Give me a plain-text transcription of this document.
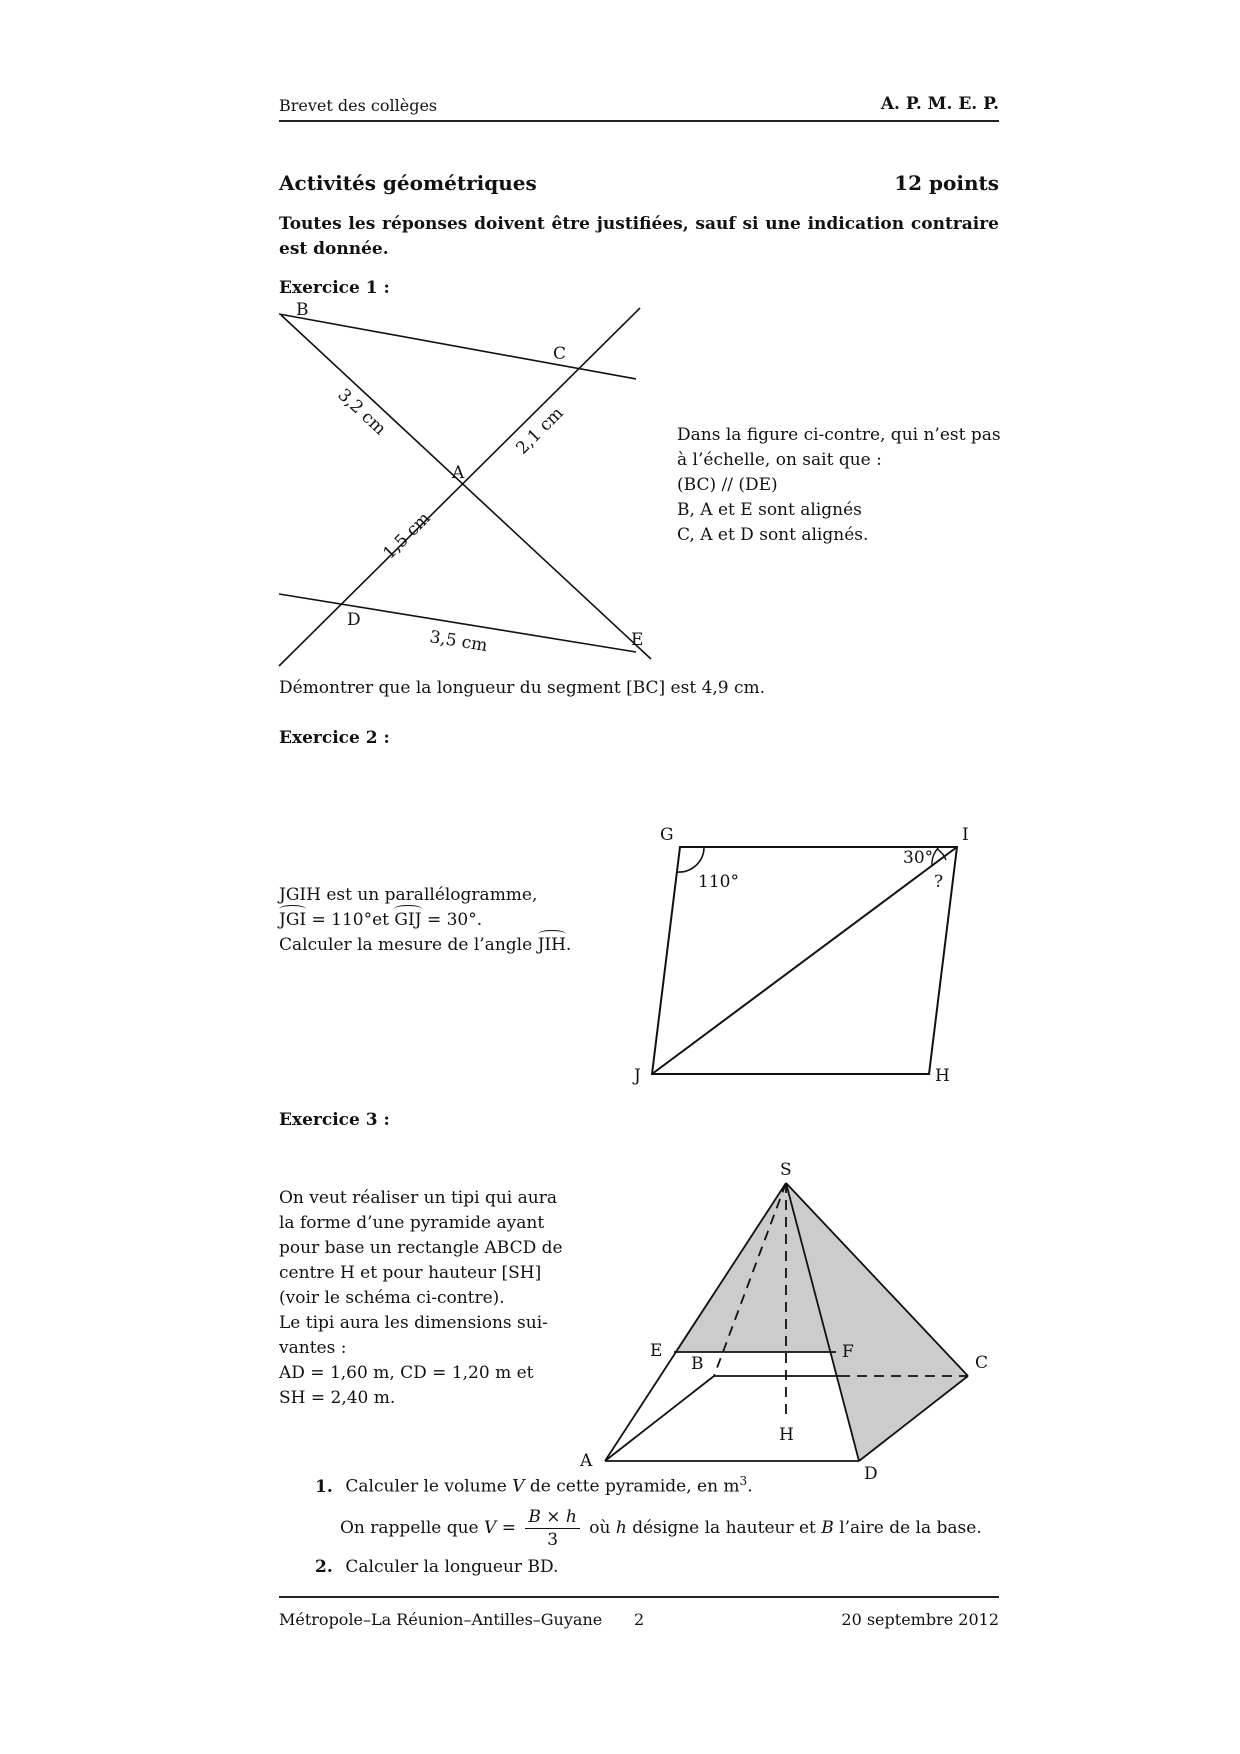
Brevet des collèges	A. P. M. E. P.
Activités géométriques	12 points
Toutes les réponses doivent être justifiées, sauf si une indication contraire est donnée.
Exercice 1 :
B
C
A
D
E
3,2 cm	2,1 cm
1,5 cm
3,5 cm
Dans la figure ci-contre, qui n’est pas
à l’échelle, on sait que :
(BC) // (DE)
B, A et E sont alignés
C, A et D sont alignés.
Démontrer que la longueur du segment [BC] est 4,9 cm.
Exercice 2 :
G	I
J	H
110°
30°
?
JGIH est un parallélogramme,
JGI = 110°et GIJ = 30°.
Calculer la mesure de l’angle JIH.
Exercice 3 :
S
E	F
B	C
H
A
D
On veut réaliser un tipi qui aura
la forme d’une pyramide ayant
pour base un rectangle ABCD de
centre H et pour hauteur [SH]
(voir le schéma ci-contre).
Le tipi aura les dimensions sui-
vantes :
AD = 1,60 m, CD = 1,20 m et
SH = 2,40 m.
1. Calculer le volume V de cette pyramide, en $m^3$.
On rappelle que $V = \frac{B \times h}{3}$ où h désigne la hauteur et B l’aire de la base.
2. Calculer la longueur BD.
Métropole–La Réunion–Antilles–Guyane 2	20 septembre 2012
